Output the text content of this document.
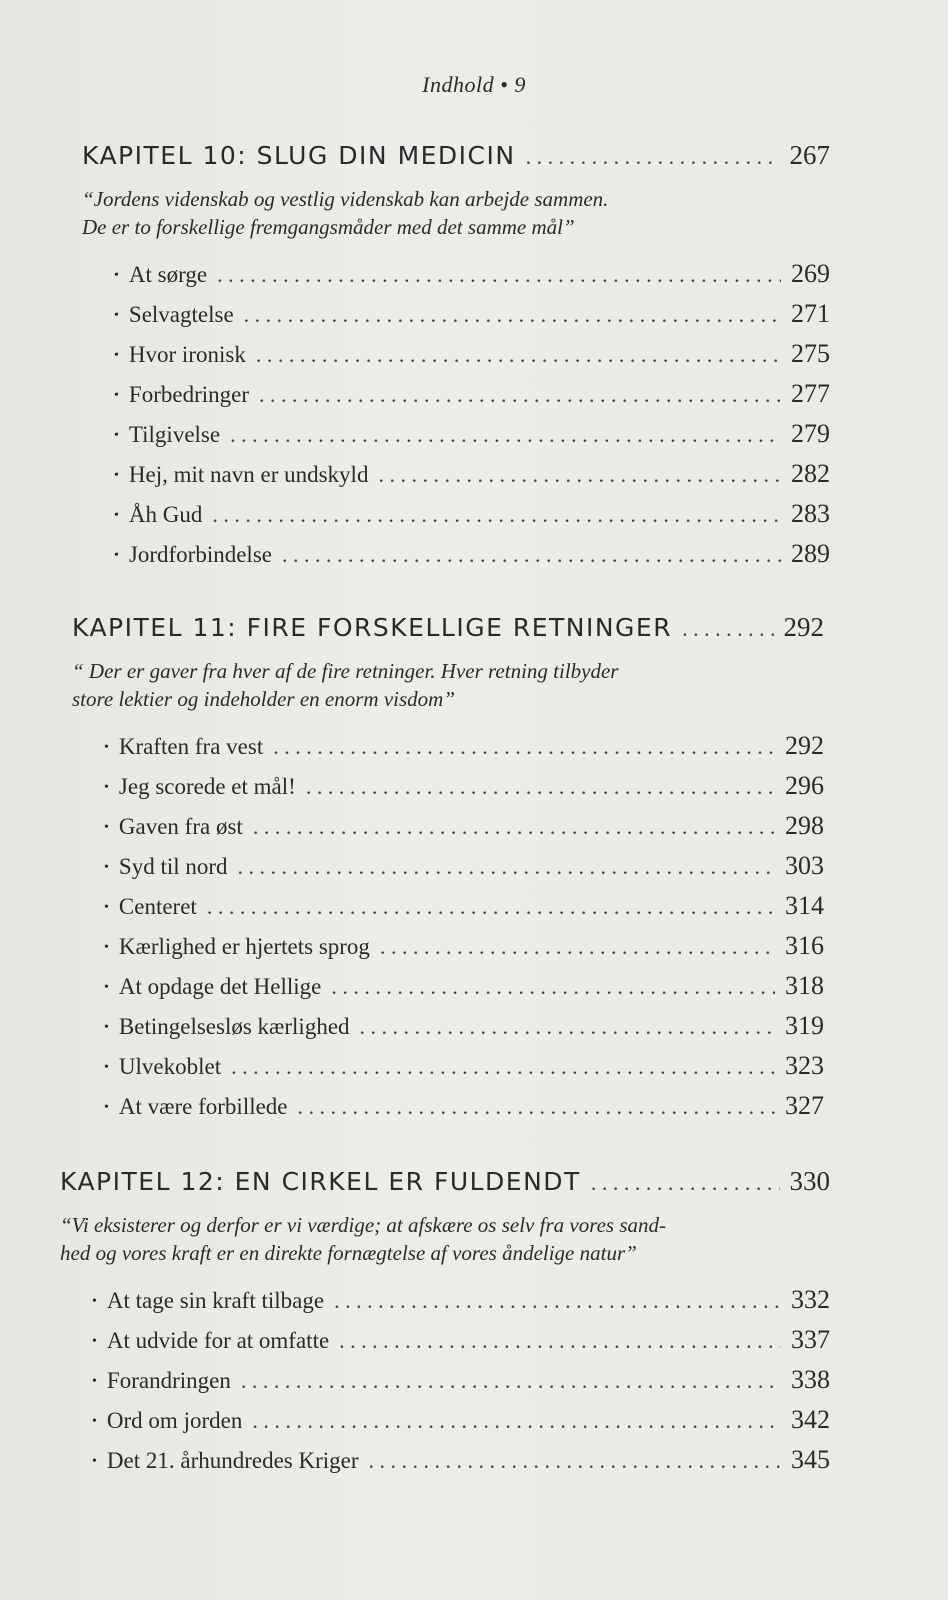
Indhold • 9
KAPITEL 10: SLUG DIN MEDICIN . . .	267
“Jordens videnskab og vestlig videnskab kan arbejde sammen.
De er to forskellige fremgangsmåder med det samme mål”
• At sørge . . .	269
• Selvagtelse . . .	271
• Hvor ironisk . . .	275
• Forbedringer . . .	277
• Tilgivelse . . .	279
• Hej, mit navn er undskyld . . .	282
• Åh Gud . . .	283
• Jordforbindelse . . .	289
KAPITEL 11: FIRE FORSKELLIGE RETNINGER . . .	292
“ Der er gaver fra hver af de fire retninger. Hver retning tilbyder
store lektier og indeholder en enorm visdom”
• Kraften fra vest . . .	292
• Jeg scorede et mål! . . .	296
• Gaven fra øst . . .	298
• Syd til nord . . .	303
• Centeret . . .	314
• Kærlighed er hjertets sprog . . .	316
• At opdage det Hellige . . .	318
• Betingelsesløs kærlighed . . .	319
• Ulvekoblet . . .	323
• At være forbillede . . .	327
KAPITEL 12: EN CIRKEL ER FULDENDT . . .	330
“Vi eksisterer og derfor er vi værdige; at afskære os selv fra vores sand-
hed og vores kraft er en direkte fornægtelse af vores åndelige natur”
• At tage sin kraft tilbage . . .	332
• At udvide for at omfatte . . .	337
• Forandringen . . .	338
• Ord om jorden . . .	342
• Det 21. århundredes Kriger . . .	345
